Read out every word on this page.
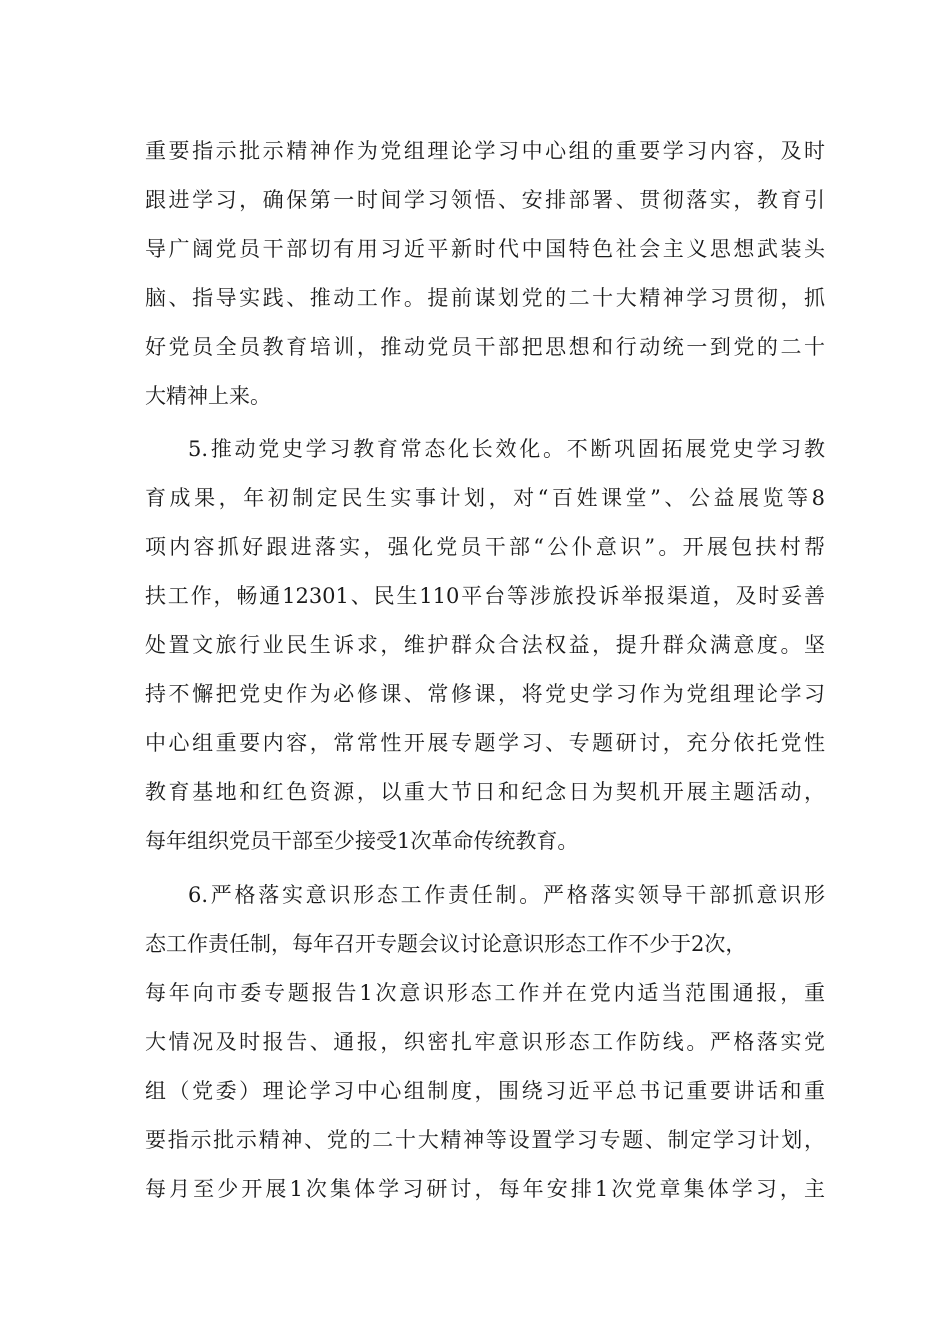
重要指示批示精神作为党组理论学习中心组的重要学习内容，及时

跟进学习，确保第一时间学习领悟、安排部署、贯彻落实，教育引

导广阔党员干部切有用习近平新时代中国特色社会主义思想武装头

脑、指导实践、推动工作。提前谋划党的二十大精神学习贯彻，抓

好党员全员教育培训，推动党员干部把思想和行动统一到党的二十

大精神上来。

5.推动党史学习教育常态化长效化。不断巩固拓展党史学习教

育成果，年初制定民生实事计划，对“百姓课堂”、公益展览等8

项内容抓好跟进落实，强化党员干部“公仆意识”。开展包扶村帮

扶工作，畅通12301、民生110平台等涉旅投诉举报渠道，及时妥善

处置文旅行业民生诉求，维护群众合法权益，提升群众满意度。坚

持不懈把党史作为必修课、常修课，将党史学习作为党组理论学习

中心组重要内容，常常性开展专题学习、专题研讨，充分依托党性

教育基地和红色资源，以重大节日和纪念日为契机开展主题活动，

每年组织党员干部至少接受1次革命传统教育。

6.严格落实意识形态工作责任制。严格落实领导干部抓意识形

态工作责任制，每年召开专题会议讨论意识形态工作不少于2次，

每年向市委专题报告1次意识形态工作并在党内适当范围通报，重

大情况及时报告、通报，织密扎牢意识形态工作防线。严格落实党

组（党委）理论学习中心组制度，围绕习近平总书记重要讲话和重

要指示批示精神、党的二十大精神等设置学习专题、制定学习计划，

每月至少开展1次集体学习研讨，每年安排1次党章集体学习，主
